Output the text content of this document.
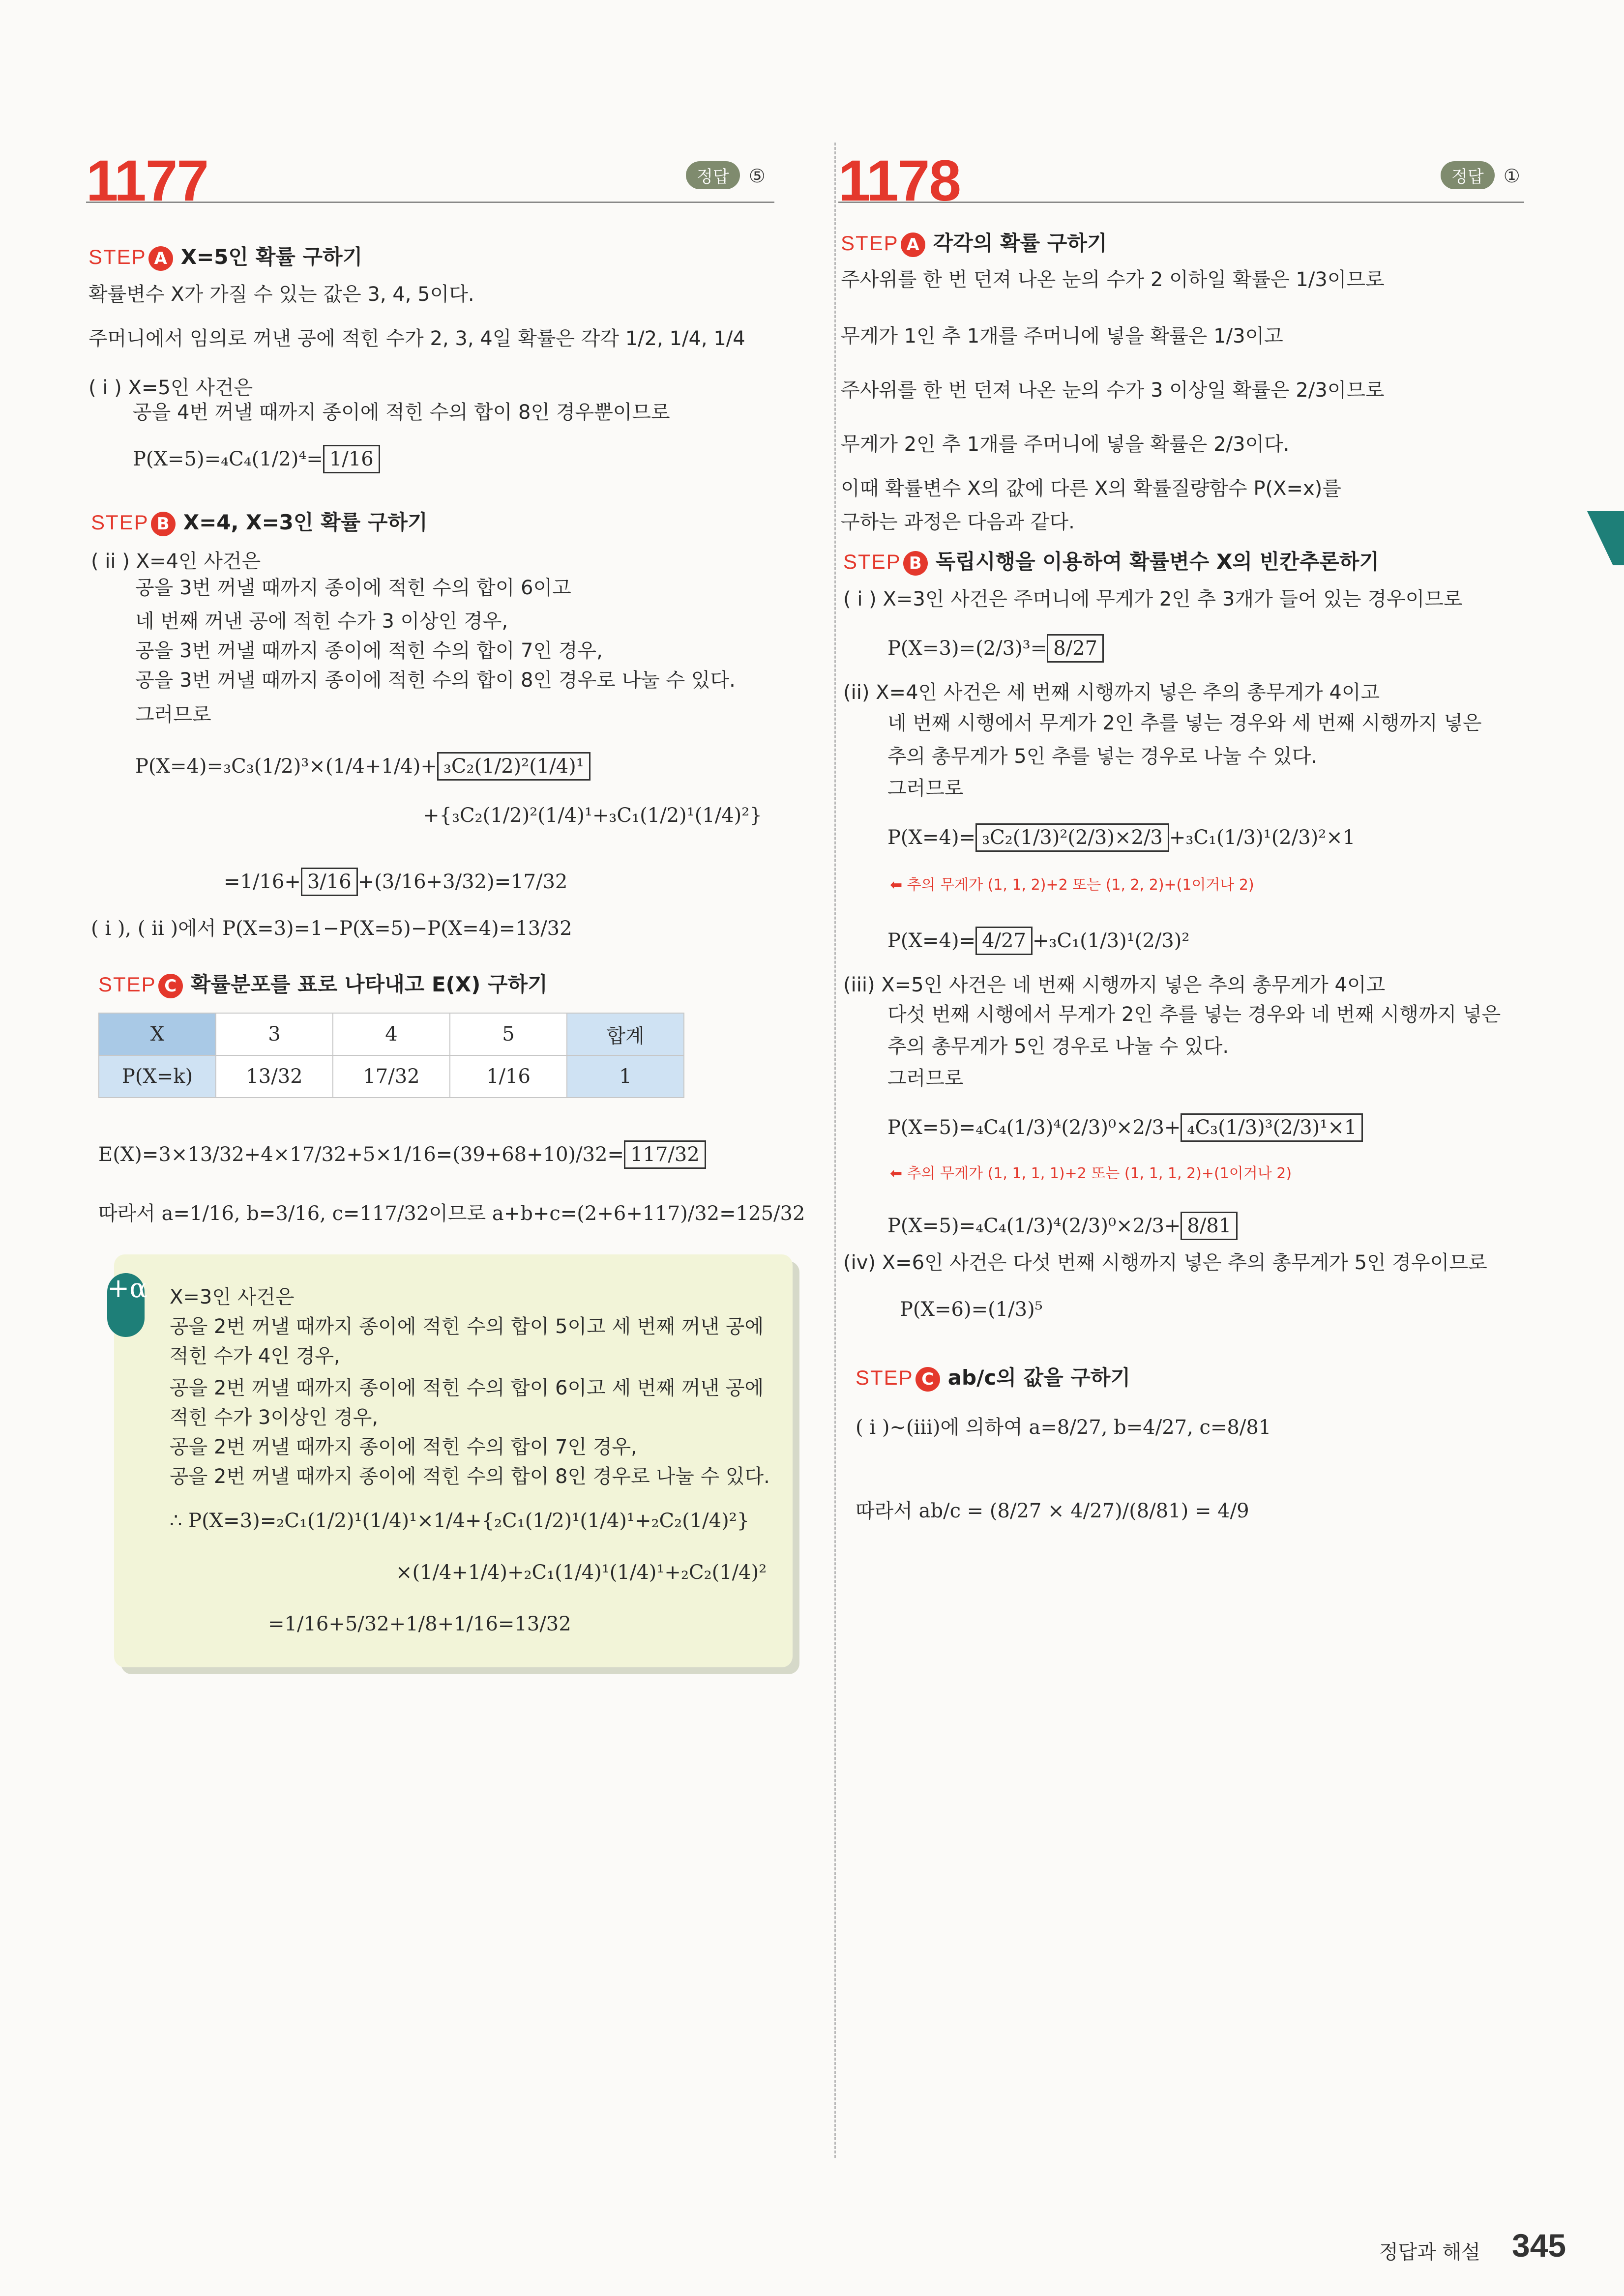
1177	정답 ⑤
STEP A X=5인 확률 구하기
확률변수 X가 가질 수 있는 값은 3, 4, 5이다.
주머니에서 임의로 꺼낸 공에 적힌 수가 2, 3, 4일 확률은 각각 1/2, 1/4, 1/4
( i ) X=5인 사건은
공을 4번 꺼낼 때까지 종이에 적힌 수의 합이 8인 경우뿐이므로
P(X=5)=₄C₄(1/2)⁴= 1/16
STEP B X=4, X=3인 확률 구하기
( ii ) X=4인 사건은
공을 3번 꺼낼 때까지 종이에 적힌 수의 합이 6이고
네 번째 꺼낸 공에 적힌 수가 3 이상인 경우,
공을 3번 꺼낼 때까지 종이에 적힌 수의 합이 7인 경우,
공을 3번 꺼낼 때까지 종이에 적힌 수의 합이 8인 경우로 나눌 수 있다.
그러므로
P(X=4)=₃C₃(1/2)³×(1/4+1/4)+ ₃C₂(1/2)²(1/4)¹
+{₃C₂(1/2)²(1/4)¹+₃C₁(1/2)¹(1/4)²}
=1/16+ 3/16 +(3/16+3/32)=17/32
( i ), ( ii )에서 P(X=3)=1−P(X=5)−P(X=4)=13/32
STEP C 확률분포를 표로 나타내고 E(X) 구하기
X	3	4	5	합계
P(X=k)	13/32	17/32	1/16	1
E(X)=3×13/32+4×17/32+5×1/16=(39+68+10)/32= 117/32
따라서 a=1/16, b=3/16, c=117/32이므로 a+b+c=(2+6+117)/32=125/32
+α X=3인 사건은
공을 2번 꺼낼 때까지 종이에 적힌 수의 합이 5이고 세 번째 꺼낸 공에
적힌 수가 4인 경우,
공을 2번 꺼낼 때까지 종이에 적힌 수의 합이 6이고 세 번째 꺼낸 공에
적힌 수가 3이상인 경우,
공을 2번 꺼낼 때까지 종이에 적힌 수의 합이 7인 경우,
공을 2번 꺼낼 때까지 종이에 적힌 수의 합이 8인 경우로 나눌 수 있다.
∴ P(X=3)=₂C₁(1/2)¹(1/4)¹×1/4+{₂C₁(1/2)¹(1/4)¹+₂C₂(1/4)²}
×(1/4+1/4)+₂C₁(1/4)¹(1/4)¹+₂C₂(1/4)²
=1/16+5/32+1/8+1/16=13/32
1178	정답 ①
STEP A 각각의 확률 구하기
주사위를 한 번 던져 나온 눈의 수가 2 이하일 확률은 1/3이므로
무게가 1인 추 1개를 주머니에 넣을 확률은 1/3이고
주사위를 한 번 던져 나온 눈의 수가 3 이상일 확률은 2/3이므로
무게가 2인 추 1개를 주머니에 넣을 확률은 2/3이다.
이때 확률변수 X의 값에 다른 X의 확률질량함수 P(X=x)를
구하는 과정은 다음과 같다.
STEP B 독립시행을 이용하여 확률변수 X의 빈칸추론하기
( i ) X=3인 사건은 주머니에 무게가 2인 추 3개가 들어 있는 경우이므로
P(X=3)=(2/3)³= 8/27
(ii) X=4인 사건은 세 번째 시행까지 넣은 추의 총무게가 4이고
네 번째 시행에서 무게가 2인 추를 넣는 경우와 세 번째 시행까지 넣은
추의 총무게가 5인 추를 넣는 경우로 나눌 수 있다.
그러므로
P(X=4)= ₃C₂(1/3)²(2/3)×2/3 +₃C₁(1/3)¹(2/3)²×1
⬅ 추의 무게가 (1, 1, 2)+2 또는 (1, 2, 2)+(1이거나 2)
P(X=4)= 4/27 +₃C₁(1/3)¹(2/3)²
(iii) X=5인 사건은 네 번째 시행까지 넣은 추의 총무게가 4이고
다섯 번째 시행에서 무게가 2인 추를 넣는 경우와 네 번째 시행까지 넣은
추의 총무게가 5인 경우로 나눌 수 있다.
그러므로
P(X=5)=₄C₄(1/3)⁴(2/3)⁰×2/3+ ₄C₃(1/3)³(2/3)¹×1
⬅ 추의 무게가 (1, 1, 1, 1)+2 또는 (1, 1, 1, 2)+(1이거나 2)
P(X=5)=₄C₄(1/3)⁴(2/3)⁰×2/3+ 8/81
(iv) X=6인 사건은 다섯 번째 시행까지 넣은 추의 총무게가 5인 경우이므로
P(X=6)=(1/3)⁵
STEP C ab/c의 값을 구하기
( i )~(iii)에 의하여 a=8/27, b=4/27, c=8/81
따라서 ab/c = (8/27 × 4/27)/(8/81) = 4/9
정답과 해설 345
